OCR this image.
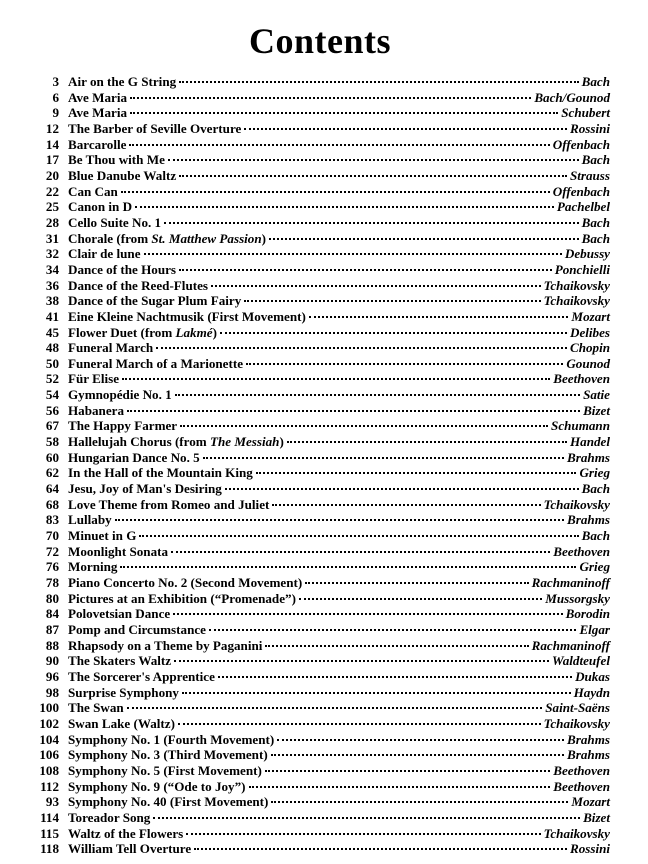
Contents
3 Air on the G String	Bach
6 Ave Maria	Bach/Gounod
9 Ave Maria	Schubert
12 The Barber of Seville Overture	Rossini
14 Barcarolle	Offenbach
17 Be Thou with Me	Bach
20 Blue Danube Waltz	Strauss
22 Can Can	Offenbach
25 Canon in D	Pachelbel
28 Cello Suite No. 1	Bach
31 Chorale (from St. Matthew Passion)	Bach
32 Clair de lune	Debussy
34 Dance of the Hours	Ponchielli
36 Dance of the Reed-Flutes	Tchaikovsky
38 Dance of the Sugar Plum Fairy	Tchaikovsky
41 Eine Kleine Nachtmusik (First Movement)	Mozart
45 Flower Duet (from Lakmé)	Delibes
48 Funeral March	Chopin
50 Funeral March of a Marionette	Gounod
52 Für Elise	Beethoven
54 Gymnopédie No. 1	Satie
56 Habanera	Bizet
67 The Happy Farmer	Schumann
58 Hallelujah Chorus (from The Messiah)	Handel
60 Hungarian Dance No. 5	Brahms
62 In the Hall of the Mountain King	Grieg
64 Jesu, Joy of Man's Desiring	Bach
68 Love Theme from Romeo and Juliet	Tchaikovsky
83 Lullaby	Brahms
70 Minuet in G	Bach
72 Moonlight Sonata	Beethoven
76 Morning	Grieg
78 Piano Concerto No. 2 (Second Movement)	Rachmaninoff
80 Pictures at an Exhibition (“Promenade”)	Mussorgsky
84 Polovetsian Dance	Borodin
87 Pomp and Circumstance	Elgar
88 Rhapsody on a Theme by Paganini	Rachmaninoff
90 The Skaters Waltz	Waldteufel
96 The Sorcerer's Apprentice	Dukas
98 Surprise Symphony	Haydn
100 The Swan	Saint-Saëns
102 Swan Lake (Waltz)	Tchaikovsky
104 Symphony No. 1 (Fourth Movement)	Brahms
106 Symphony No. 3 (Third Movement)	Brahms
108 Symphony No. 5 (First Movement)	Beethoven
112 Symphony No. 9 (“Ode to Joy”)	Beethoven
93 Symphony No. 40 (First Movement)	Mozart
114 Toreador Song	Bizet
115 Waltz of the Flowers	Tchaikovsky
118 William Tell Overture	Rossini
